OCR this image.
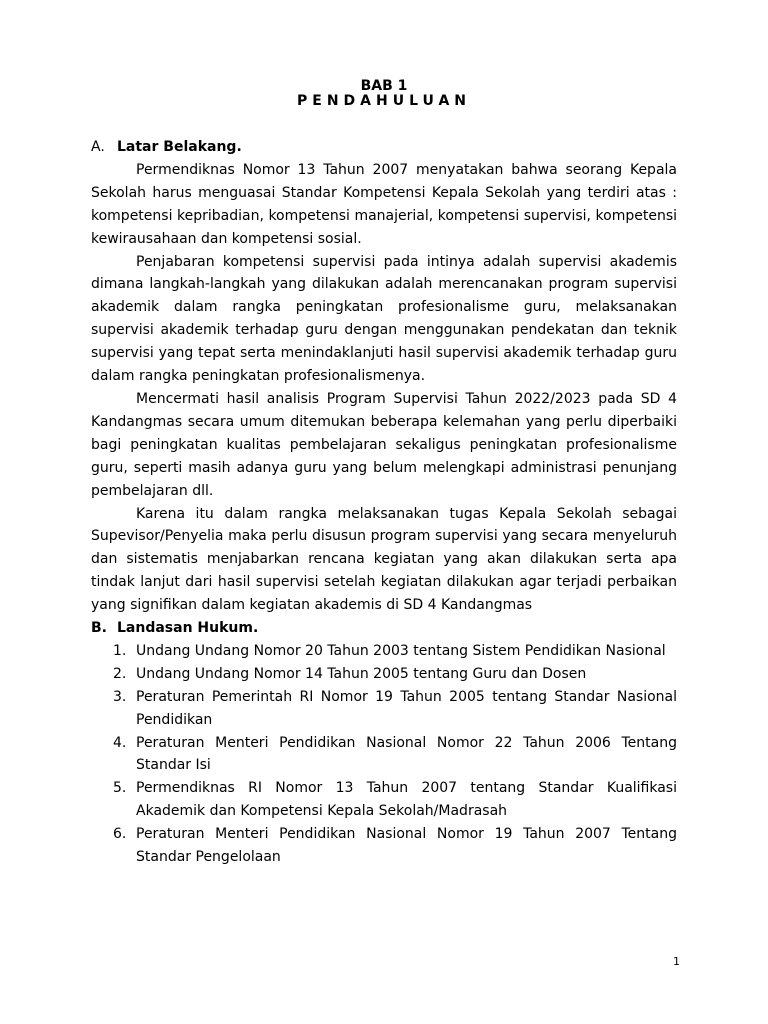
BAB 1
PENDAHULUAN
A. Latar Belakang.

Permendiknas Nomor 13 Tahun 2007 menyatakan bahwa seorang Kepala Sekolah harus menguasai Standar Kompetensi Kepala Sekolah yang terdiri atas : kompetensi kepribadian, kompetensi manajerial, kompetensi supervisi, kompetensi kewirausahaan dan kompetensi sosial.

Penjabaran kompetensi supervisi pada intinya adalah supervisi akademis dimana langkah-langkah yang dilakukan adalah merencanakan program supervisi akademik dalam rangka peningkatan profesionalisme guru, melaksanakan supervisi akademik terhadap guru dengan menggunakan pendekatan dan teknik supervisi yang tepat serta menindaklanjuti hasil supervisi akademik terhadap guru dalam rangka peningkatan profesionalismenya.

Mencermati hasil analisis Program Supervisi Tahun 2022/2023 pada SD 4 Kandangmas secara umum ditemukan beberapa kelemahan yang perlu diperbaiki bagi peningkatan kualitas pembelajaran sekaligus peningkatan profesionalisme guru, seperti masih adanya guru yang belum melengkapi administrasi penunjang pembelajaran dll.

Karena itu dalam rangka melaksanakan tugas Kepala Sekolah sebagai Supevisor/Penyelia maka perlu disusun program supervisi yang secara menyeluruh dan sistematis menjabarkan rencana kegiatan yang akan dilakukan serta apa tindak lanjut dari hasil supervisi setelah kegiatan dilakukan agar terjadi perbaikan yang signifikan dalam kegiatan akademis di SD 4 Kandangmas

B. Landasan Hukum.
1. Undang Undang Nomor 20 Tahun 2003 tentang Sistem Pendidikan Nasional
2. Undang Undang Nomor 14 Tahun 2005 tentang Guru dan Dosen
3. Peraturan Pemerintah RI Nomor 19 Tahun 2005 tentang Standar Nasional Pendidikan
4. Peraturan Menteri Pendidikan Nasional Nomor 22 Tahun 2006 Tentang Standar Isi
5. Permendiknas RI Nomor 13 Tahun 2007 tentang Standar Kualifikasi Akademik dan Kompetensi Kepala Sekolah/Madrasah
6. Peraturan Menteri Pendidikan Nasional Nomor 19 Tahun 2007 Tentang Standar Pengelolaan
1
